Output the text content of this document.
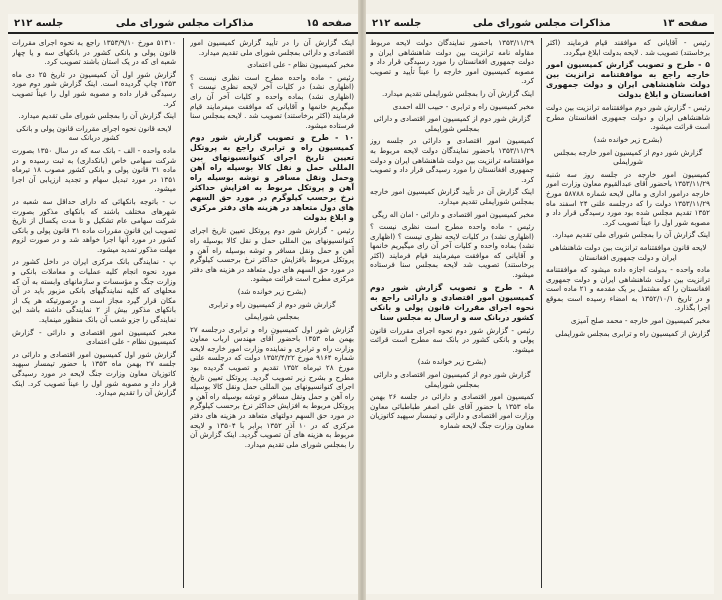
صفحه ۱۵
مذاکرات مجلس شورای ملی
جلسه ۲۱۲

اینک گزارش آن را در تأیید گزارش کمیسیون امور اقتصادی و دارائی بمجلس شورای ملی تقدیم میدارد.

مخبر کمیسیون نظام - علی اعتمادی

رئیس - ماده واحده مطرح است نظری نیست ؟ (اظهاری نشد) در کلیات آخر لایحه نظری نیست ؟ (اظهاری نشد) بماده واحده و کلیات آخر آن رای میگیریم خانمها و آقایانی که موافقت میفرمایند قیام فرمایند (اکثر برخاستند) تصویب شد . لایحه بمجلس سنا فرستاده میشود.

۱۰ - طرح و تصویب گزارش شور دوم کمیسیون راه و ترابری راجع به پروتکل تعیین تاریخ اجرای کنوانسیونهای بین المللی حمل و نقل کالا بوسیله راه آهن وحمل ونقل مسافر و توشه بوسیله راه آهن و پروتکل مربوط به افزایش حداکثر نرخ برحسب کیلوگرم در مورد حق السهم های دول متعاهد در هزینه های دفتر مرکزی و ابلاغ بدولت

رئیس - گزارش شور دوم پروتکل تعیین تاریخ اجرای کنوانسیونهای بین المللی حمل و نقل کالا بوسیله راه آهن و حمل ونقل مسافر و توشه بوسیله راه آهن و پروتکل مربوط بافزایش حداکثر نرخ برحسب کیلوگرم در مورد حق السهم های دول متعاهد در هزینه های دفتر مرکزی مطرح است قرائت میشود.

(بشرح زیر خوانده شد)

گزارش شور دوم از کمیسیون راه و ترابری

بمجلس شورایملی

گزارش شور اول کمیسیون راه و ترابری درجلسه ۲۷ بهمن ماه ۱۳۵۳ باحضور آقای مهندس ارباب معاون وزارت راه و ترابری و نماینده وزارت امور خارجه لایحه شماره ۹۱۶۴ مورخ ۱۳۵۲/۴/۲۲ دولت که درجلسه علنی مورخ ۲۸ تیرماه ۱۳۵۲ تقدیم و تصویب گردیده بود مطرح و بشرح زیر تصویب گردید. پروتکل تعیین تاریخ اجرای کنوانسیونهای بین المللی حمل ونقل کالا بوسیله راه آهن و حمل ونقل مسافر و توشه بوسیله راه آهن و پروتکل مربوط به افزایش حداکثر نرخ برحسب کیلوگرم در مورد حق السهم دولتهای متعاهد در هزینه های دفتر مرکزی که در ۱۰ آذر ۱۳۵۲ برابر با ۱۳۵۰۴ و لایحه مربوط به هزینه های آن تصویب گردید. اینک گزارش آن را بمجلس شورای ملی تقدیم میدارد.

۵۱۳۱۰ مورخ ۱۳۵۳/۹/۱۰ راجع به نحوه اجرای مقررات قانون پولی و بانکی کشور در بانکهای سه و یا چهار شعبه ای که در یک استان باشند تصویب کرد.

گزارش شور اول آن کمیسیون در تاریخ ۲۵ دی ماه ۱۳۵۳ چاپ گردیده است. اینک گزارش شور دوم مورد رسیدگی قرار داده و مصوبه شور اول را عیناً تصویب کرد.

اینک گزارش آن را بمجلس شورای ملی تقدیم میدارد.

لایحه قانون نحوه اجرای مقررات قانون پولی و بانکی کشور دربانک سه

ماده واحده - الف - بانک سه که در سال ۱۳۵۰ بصورت شرکت سهامی خاص (بانکداری) به ثبت رسیده و در ماده ۳۱ قانون پولی و بانکی کشور مصوب ۱۸ تیرماه ۱۳۵۱ در مورد تبدیل سهام و تجدید ارزیابی آن اجرا میشود.

ب - باتوجه بانکهائی که دارای حداقل سه شعبه در شهرهای مختلف باشند که بانکهای مذکور بصورت شرکت سهامی عام تشکیل و تا مدت یکسال از تاریخ تصویب این قانون مقررات ماده ۳۱ قانون پولی و بانکی کشور در مورد آنها اجرا خواهد شد و در صورت لزوم مهلت مذکور تمدید میشود.

پ - نمایندگی بانک مرکزی ایران در داخل کشور در مورد نحوه انجام کلیه عملیات و معاملات بانکی و وزارت جنگ و مؤسسات و سازمانهای وابسته به آن که محلهای که کلیه نمایندگیهای بانکی مزبور باید در آن مکان قرار گیرد مجاز است و درصورتیکه هر یک از بانکهای مذکور بیش از ۲ نمایندگی داشته باشد این نمایندگی را جزو شعب آن بانک منظور مینماید.

مخبر کمیسیون امور اقتصادی و دارائی - گزارش کمیسیون نظام - علی اعتمادی

گزارش شور اول کمیسیون امور اقتصادی و دارائی در جلسه ۲۷ بهمن ماه ۱۳۵۳ با حضور تیمسار سپهبد کاتوزیان معاون وزارت جنگ لایحه در مورد رسیدگی قرار داد و مصوبه شور اول را عیناً تصویب کرد. اینک گزارش آن را تقدیم میدارد.

صفحه ۱۳
مذاکرات مجلس شورای ملی
جلسه ۲۱۲

رئیس - آقایانی که موافقند قیام فرمایند (اکثر برخاستند) تصویب شد . لایحه بدولت ابلاغ میگردد.

۵ - طرح و تصویب گزارش کمیسیون امور خارجه راجع به موافقتنامه ترانزیت بین دولت شاهنشاهی ایران و دولت جمهوری افغانستان و ابلاغ بدولت

رئیس - گزارش شور دوم موافقتنامه ترانزیت بین دولت شاهنشاهی ایران و دولت جمهوری افغانستان مطرح است قرائت میشود.

(بشرح زیر خوانده شد)

گزارش شور دوم از کمیسیون امور خارجه بمجلس شورایملی

کمیسیون امور خارجه در جلسه روز سه شنبه ۱۳۵۳/۱۱/۲۹ باحضور آقای عبدالقیوم معاون وزارت امور خارجه درامور اداری و مالی لایحه شماره ۵۸۷۸۸ مورخ ۱۳۵۳/۱۱/۲۹ دولت را که درجلسه علنی ۲۴ اسفند ماه ۱۳۵۲ تقدیم مجلس شده بود مورد رسیدگی قرار داد و مصوبه شور اول را عیناً تصویب کرد.

اینک گزارش آن را بمجلس شورای ملی تقدیم میدارد.

لایحه قانون موافقتنامه ترانزیت بین دولت شاهنشاهی ایران و دولت جمهوری افغانستان

ماده واحده - بدولت اجازه داده میشود که موافقتنامه ترانزیت بین دولت شاهنشاهی ایران و دولت جمهوری افغانستان را که مشتمل بر یک مقدمه و ۲۱ ماده است و در تاریخ ۱۳۵۲/۱۰/۱ به امضاء رسیده است بموقع اجرا بگذارد.

مخبر کمیسیون امور خارجه - محمد صلح آمیزی

گزارش از کمیسیون راه و ترابری بمجلس شورایملی

۱۳۵۳/۱۱/۲۹ باحضور نمایندگان دولت لایحه مربوط مقاوله نامه ترانزیت بین دولت شاهنشاهی ایران و دولت جمهوری افغانستان را مورد رسیدگی قرار داد و مصوبه کمیسیون امور خارجه را عیناً تأیید و تصویب کرد.

اینک گزارش آن را بمجلس شورایملی تقدیم میدارد.

مخبر کمیسیون راه و ترابری - حبیب الله احمدی

گزارش شور دوم از کمیسیون امور اقتصادی و دارائی بمجلس شورایملی

کمیسیون امور اقتصادی و دارائی در جلسه روز ۱۳۵۳/۱۱/۲۹ باحضور نمایندگان دولت لایحه مربوط به موافقتنامه ترانزیت بین دولت شاهنشاهی ایران و دولت جمهوری افغانستان را مورد رسیدگی قرار داد و تصویب کرد.

اینک گزارش آن در تأیید گزارش کمیسیون امور خارجه بمجلس شورایملی تقدیم میدارد.

مخبر کمیسیون امور اقتصادی و دارائی - امان اله ریگی

رئیس - ماده واحده مطرح است نظری نیست ؟ (اظهاری نشد) در کلیات لایحه نظری نیست ؟ (اظهاری نشد) بماده واحده و کلیات آخر آن رای میگیریم خانمها و آقایانی که موافقت میفرمایند قیام فرمایند (اکثر برخاستند) تصویب شد لایحه بمجلس سنا فرستاده میشود.

۸ - طرح و تصویب گزارش شور دوم کمیسیون امور اقتصادی و دارائی راجع به نحوه اجرای مقررات قانون پولی و بانکی کشور دربانک سه و ارسال به مجلس سنا

رئیس - گزارش شور دوم نحوه اجرای مقررات قانون پولی و بانکی کشور در بانک سه مطرح است قرائت میشود.

(بشرح زیر خوانده شد)

گزارش شور دوم از کمیسیون امور اقتصادی و دارائی بمجلس شورایملی

کمیسیون امور اقتصادی و دارائی در جلسه ۲۶ بهمن ماه ۱۳۵۳ با حضور آقای علی اصغر طباطبائی معاون وزارت امور اقتصادی و دارائی و تیمسار سپهبد کاتوزیان معاون وزارت جنگ لایحه شماره
